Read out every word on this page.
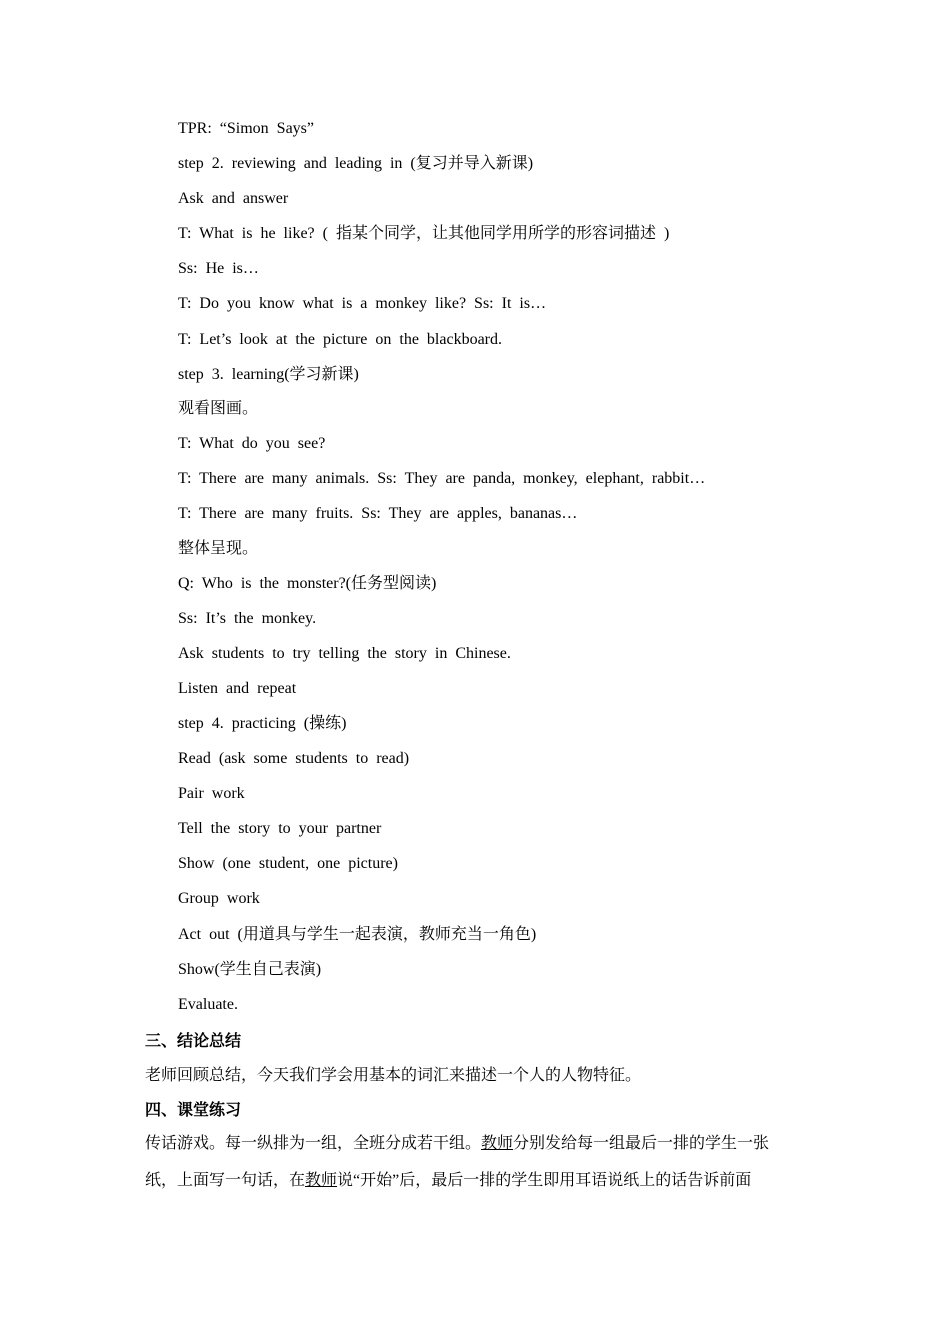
TPR: “Simon Says”
step 2. reviewing and leading in (复习并导入新课)
Ask and answer
T: What is he like? ( 指某个同学，让其他同学用所学的形容词描述 )
Ss: He is…
T: Do you know what is a monkey like? Ss: It is…
T: Let’s look at the picture on the blackboard.
step 3. learning(学习新课)
观看图画。
T: What do you see?
T: There are many animals. Ss: They are panda, monkey, elephant, rabbit…
T: There are many fruits. Ss: They are apples, bananas…
整体呈现。
Q: Who is the monster?(任务型阅读)
Ss: It’s the monkey.
Ask students to try telling the story in Chinese.
Listen and repeat
step 4. practicing (操练)
Read (ask some students to read)
Pair work
Tell the story to your partner
Show (one student, one picture)
Group work
Act out (用道具与学生一起表演，教师充当一角色)
Show(学生自己表演)
Evaluate.
三、结论总结
老师回顾总结，今天我们学会用基本的词汇来描述一个人的人物特征。
四、课堂练习
传话游戏。每一纵排为一组，全班分成若干组。教师分别发给每一组最后一排的学生一张
纸，上面写一句话，在教师说“开始”后，最后一排的学生即用耳语说纸上的话告诉前面
